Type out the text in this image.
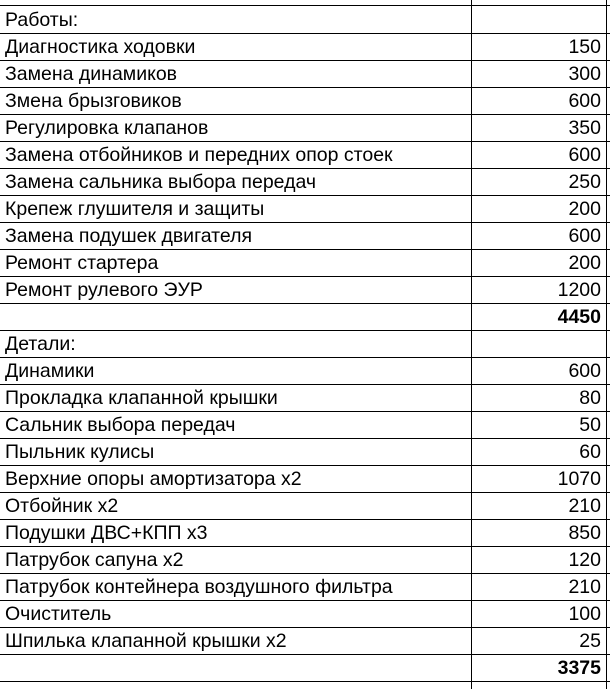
Работы:
Диагностика ходовки	150
Замена динамиков	300
Змена брызговиков	600
Регулировка клапанов	350
Замена отбойников и передних опор стоек	600
Замена сальника выбора передач	250
Крепеж глушителя и защиты	200
Замена подушек двигателя	600
Ремонт стартера	200
Ремонт рулевого ЭУР	1200
4450
Детали:
Динамики	600
Прокладка клапанной крышки	80
Сальник выбора передач	50
Пыльник кулисы	60
Верхние опоры амортизатора х2	1070
Отбойник х2	210
Подушки ДВС+КПП х3	850
Патрубок сапуна х2	120
Патрубок контейнера воздушного фильтра	210
Очиститель	100
Шпилька клапанной крышки х2	25
3375
